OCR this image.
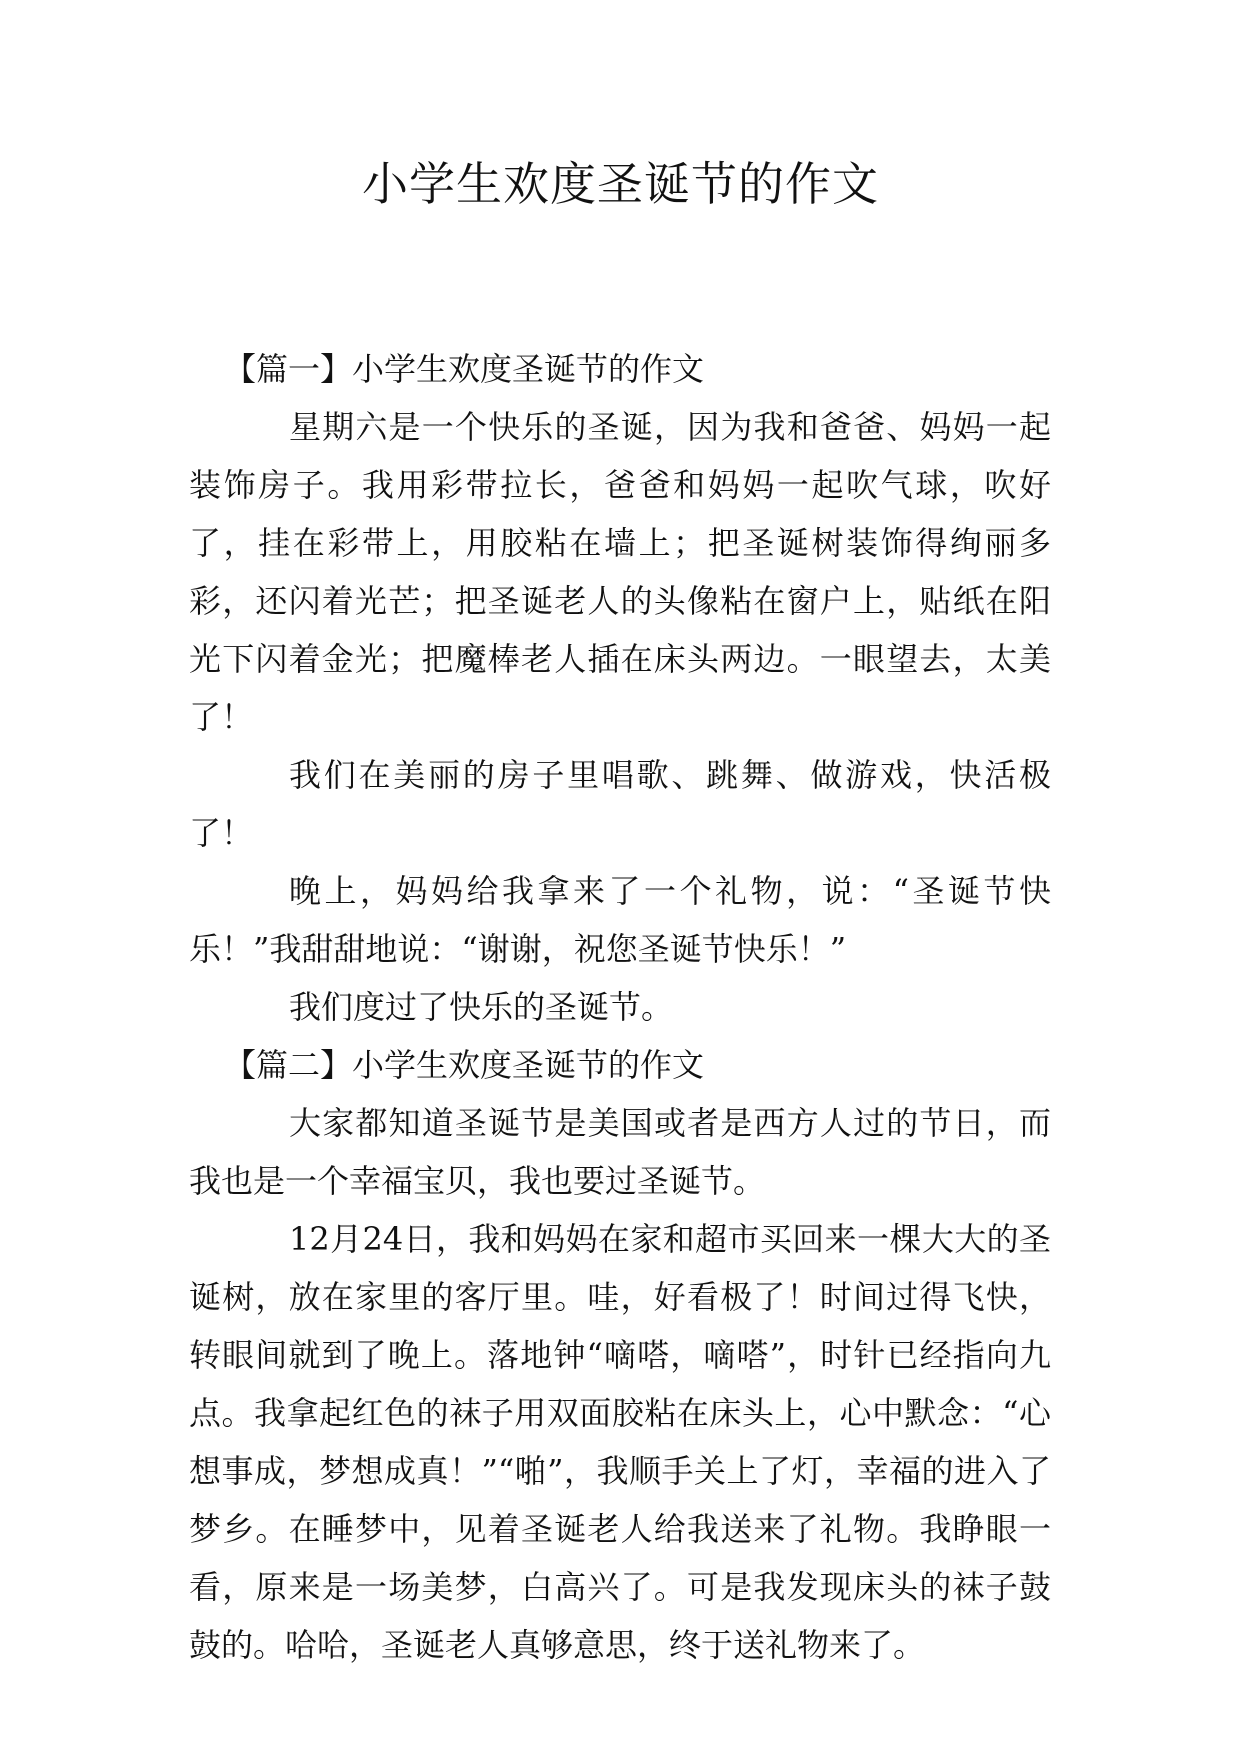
小学生欢度圣诞节的作文

【篇一】小学生欢度圣诞节的作文

星期六是一个快乐的圣诞，因为我和爸爸、妈妈一起装饰房子。我用彩带拉长，爸爸和妈妈一起吹气球，吹好了，挂在彩带上，用胶粘在墙上；把圣诞树装饰得绚丽多彩，还闪着光芒；把圣诞老人的头像粘在窗户上，贴纸在阳光下闪着金光；把魔棒老人插在床头两边。一眼望去，太美了！

我们在美丽的房子里唱歌、跳舞、做游戏，快活极了！

晚上，妈妈给我拿来了一个礼物，说：“圣诞节快乐！”我甜甜地说：“谢谢，祝您圣诞节快乐！”

我们度过了快乐的圣诞节。

【篇二】小学生欢度圣诞节的作文

大家都知道圣诞节是美国或者是西方人过的节日，而我也是一个幸福宝贝，我也要过圣诞节。

12月24日，我和妈妈在家和超市买回来一棵大大的圣诞树，放在家里的客厅里。哇，好看极了！时间过得飞快，转眼间就到了晚上。落地钟“嘀嗒，嘀嗒”，时针已经指向九点。我拿起红色的袜子用双面胶粘在床头上，心中默念：“心想事成，梦想成真！”“啪”，我顺手关上了灯，幸福的进入了梦乡。在睡梦中，见着圣诞老人给我送来了礼物。我睁眼一看，原来是一场美梦，白高兴了。可是我发现床头的袜子鼓鼓的。哈哈，圣诞老人真够意思，终于送礼物来了。
